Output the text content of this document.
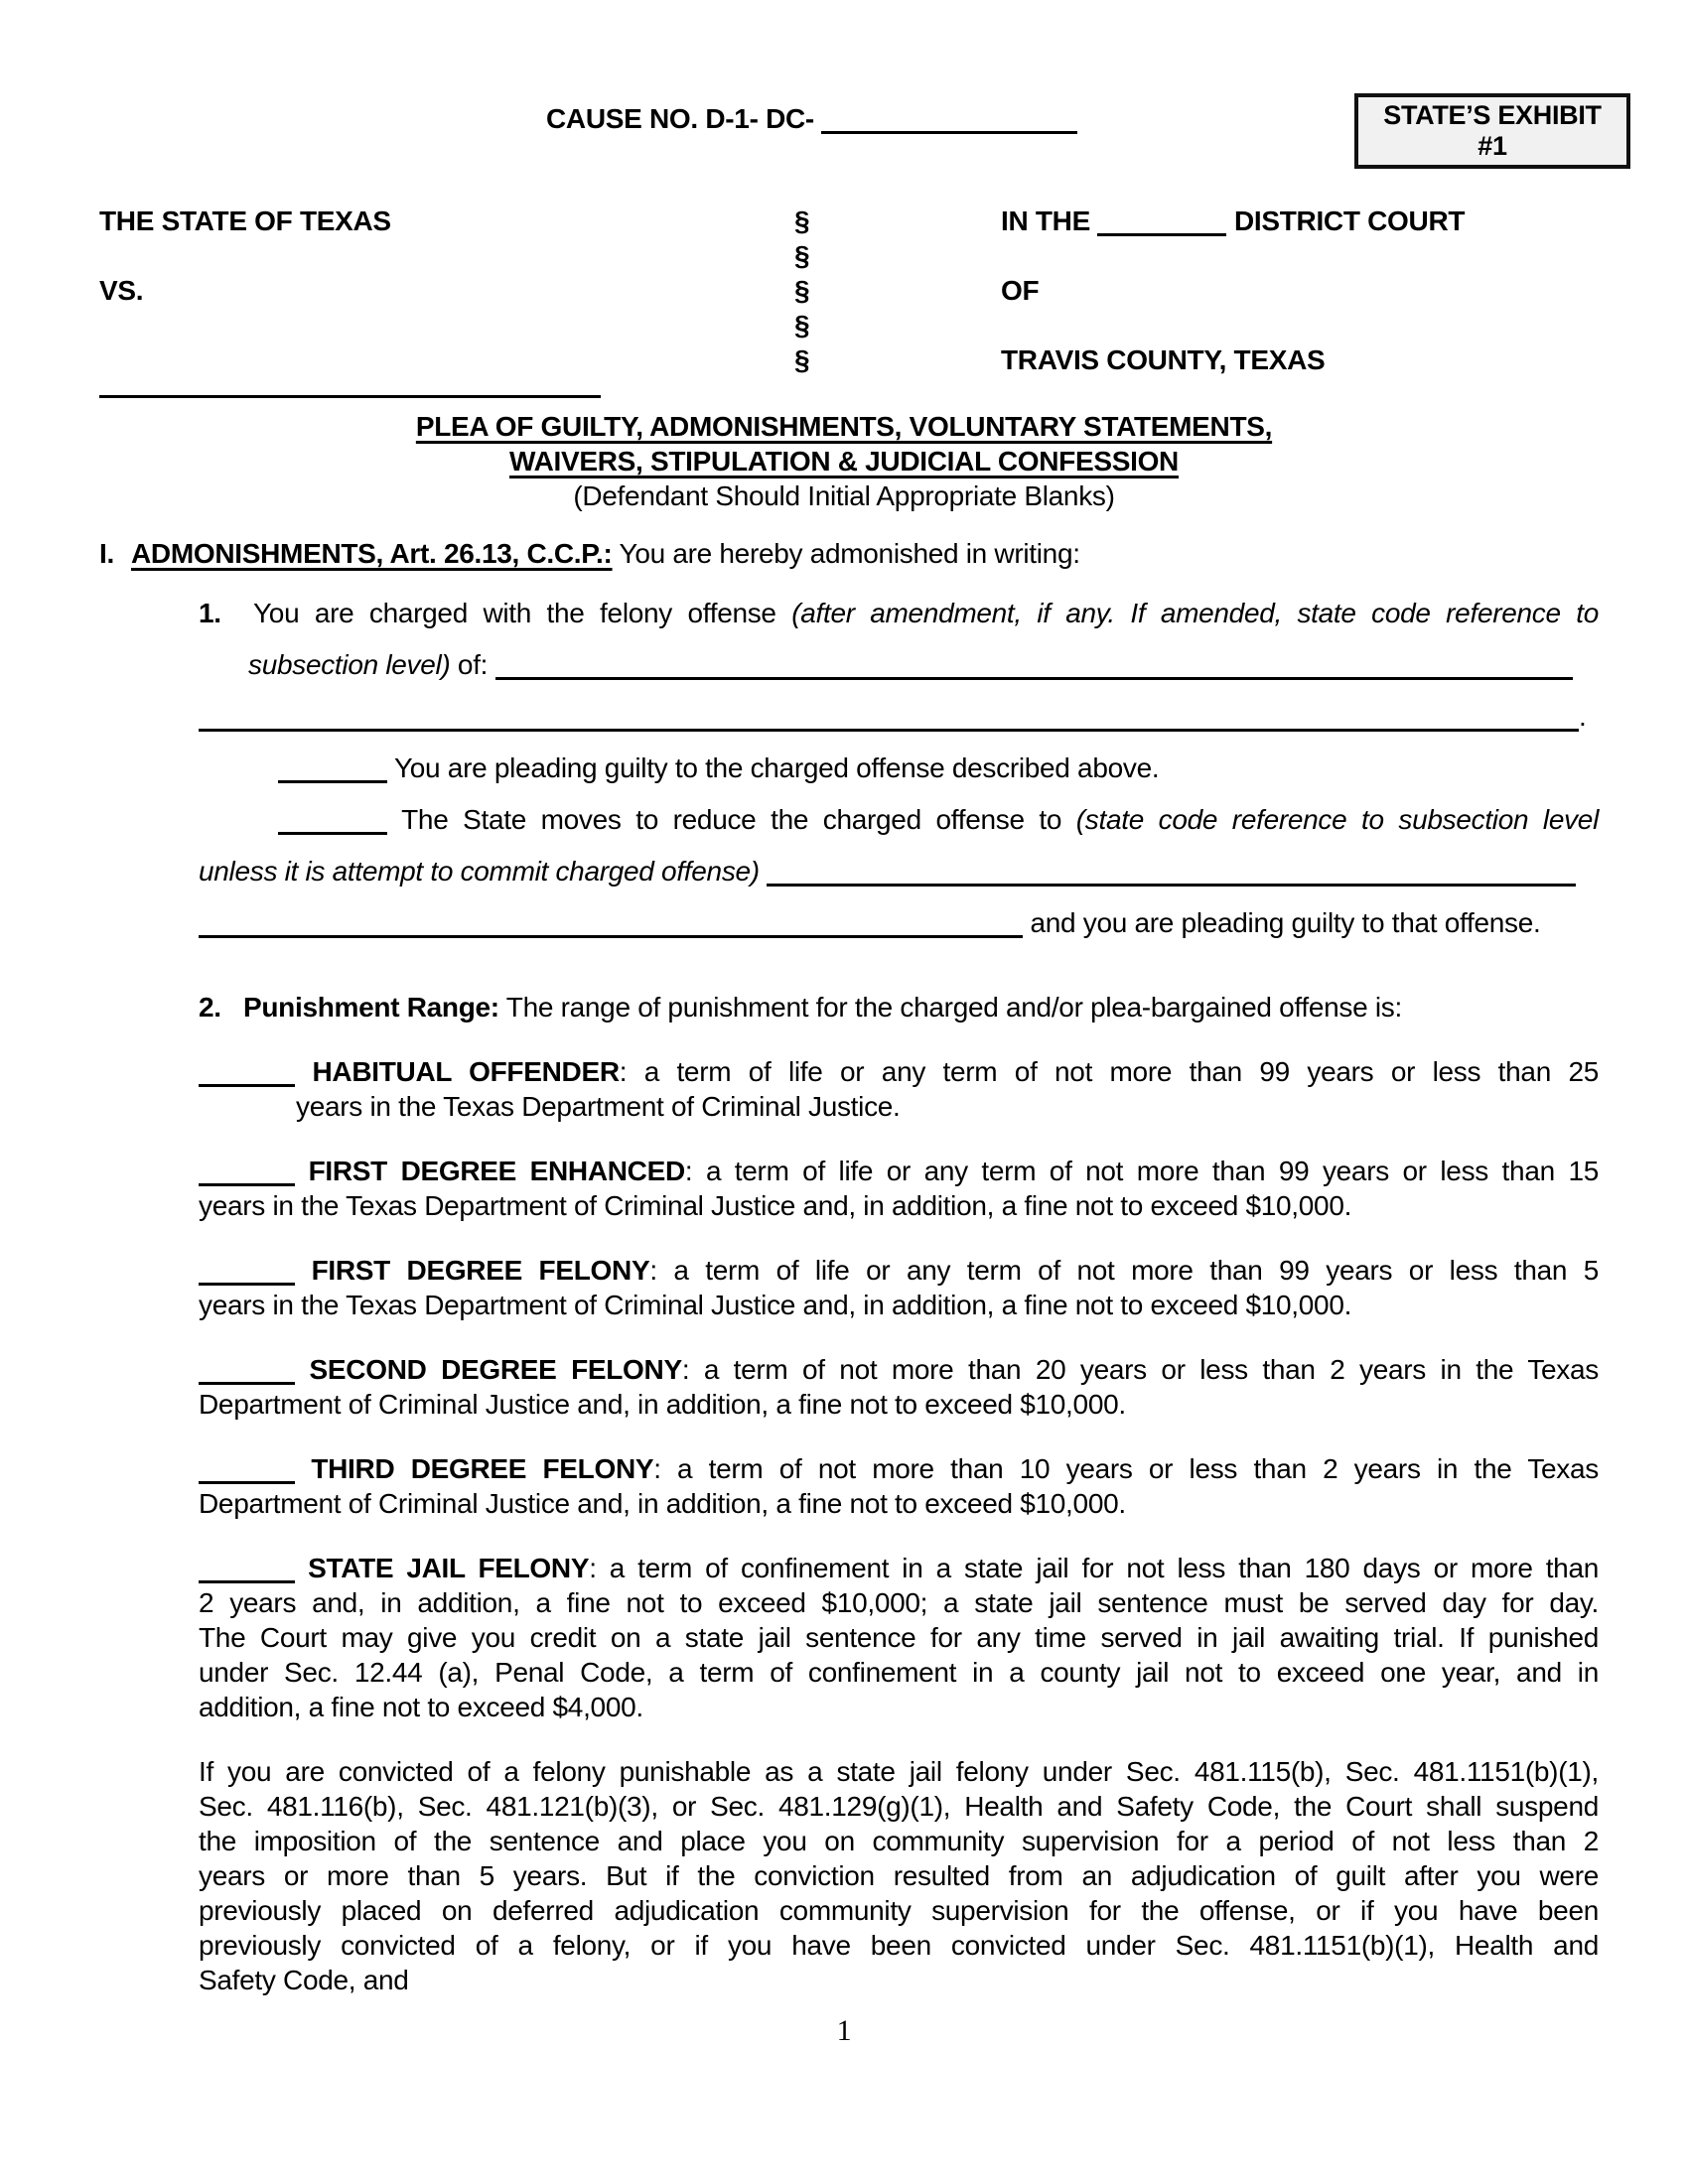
CAUSE NO. D-1- DC-	STATE’S EXHIBIT
#1
THE STATE OF TEXAS
VS.
§
§
§
§
§
IN THE	DISTRICT COURT
OF
TRAVIS COUNTY, TEXAS
PLEA OF GUILTY, ADMONISHMENTS, VOLUNTARY STATEMENTS,
WAIVERS, STIPULATION & JUDICIAL CONFESSION
(Defendant Should Initial Appropriate Blanks)
I. ADMONISHMENTS, Art. 26.13, C.C.P.: You are hereby admonished in writing:
1. You are charged with the felony offense (after amendment, if any. If amended, state code reference to
subsection level) of:
.
You are pleading guilty to the charged offense described above.
The State moves to reduce the charged offense to (state code reference to subsection level
unless it is attempt to commit charged offense)
and you are pleading guilty to that offense.
2. Punishment Range: The range of punishment for the charged and/or plea-bargained offense is:
HABITUAL OFFENDER: a term of life or any term of not more than 99 years or less than 25
years in the Texas Department of Criminal Justice.
FIRST DEGREE ENHANCED: a term of life or any term of not more than 99 years or less than 15
years in the Texas Department of Criminal Justice and, in addition, a fine not to exceed $10,000.
FIRST DEGREE FELONY: a term of life or any term of not more than 99 years or less than 5
years in the Texas Department of Criminal Justice and, in addition, a fine not to exceed $10,000.
SECOND DEGREE FELONY: a term of not more than 20 years or less than 2 years in the Texas
Department of Criminal Justice and, in addition, a fine not to exceed $10,000.
THIRD DEGREE FELONY: a term of not more than 10 years or less than 2 years in the Texas
Department of Criminal Justice and, in addition, a fine not to exceed $10,000.
STATE JAIL FELONY: a term of confinement in a state jail for not less than 180 days or more than
2 years and, in addition, a fine not to exceed $10,000; a state jail sentence must be served day for day.
The Court may give you credit on a state jail sentence for any time served in jail awaiting trial. If punished
under Sec. 12.44 (a), Penal Code, a term of confinement in a county jail not to exceed one year, and in
addition, a fine not to exceed $4,000.
If you are convicted of a felony punishable as a state jail felony under Sec. 481.115(b), Sec. 481.1151(b)(1),
Sec. 481.116(b), Sec. 481.121(b)(3), or Sec. 481.129(g)(1), Health and Safety Code, the Court shall suspend
the imposition of the sentence and place you on community supervision for a period of not less than 2
years or more than 5 years. But if the conviction resulted from an adjudication of guilt after you were
previously placed on deferred adjudication community supervision for the offense, or if you have been
previously convicted of a felony, or if you have been convicted under Sec. 481.1151(b)(1), Health and
Safety Code, and
1
